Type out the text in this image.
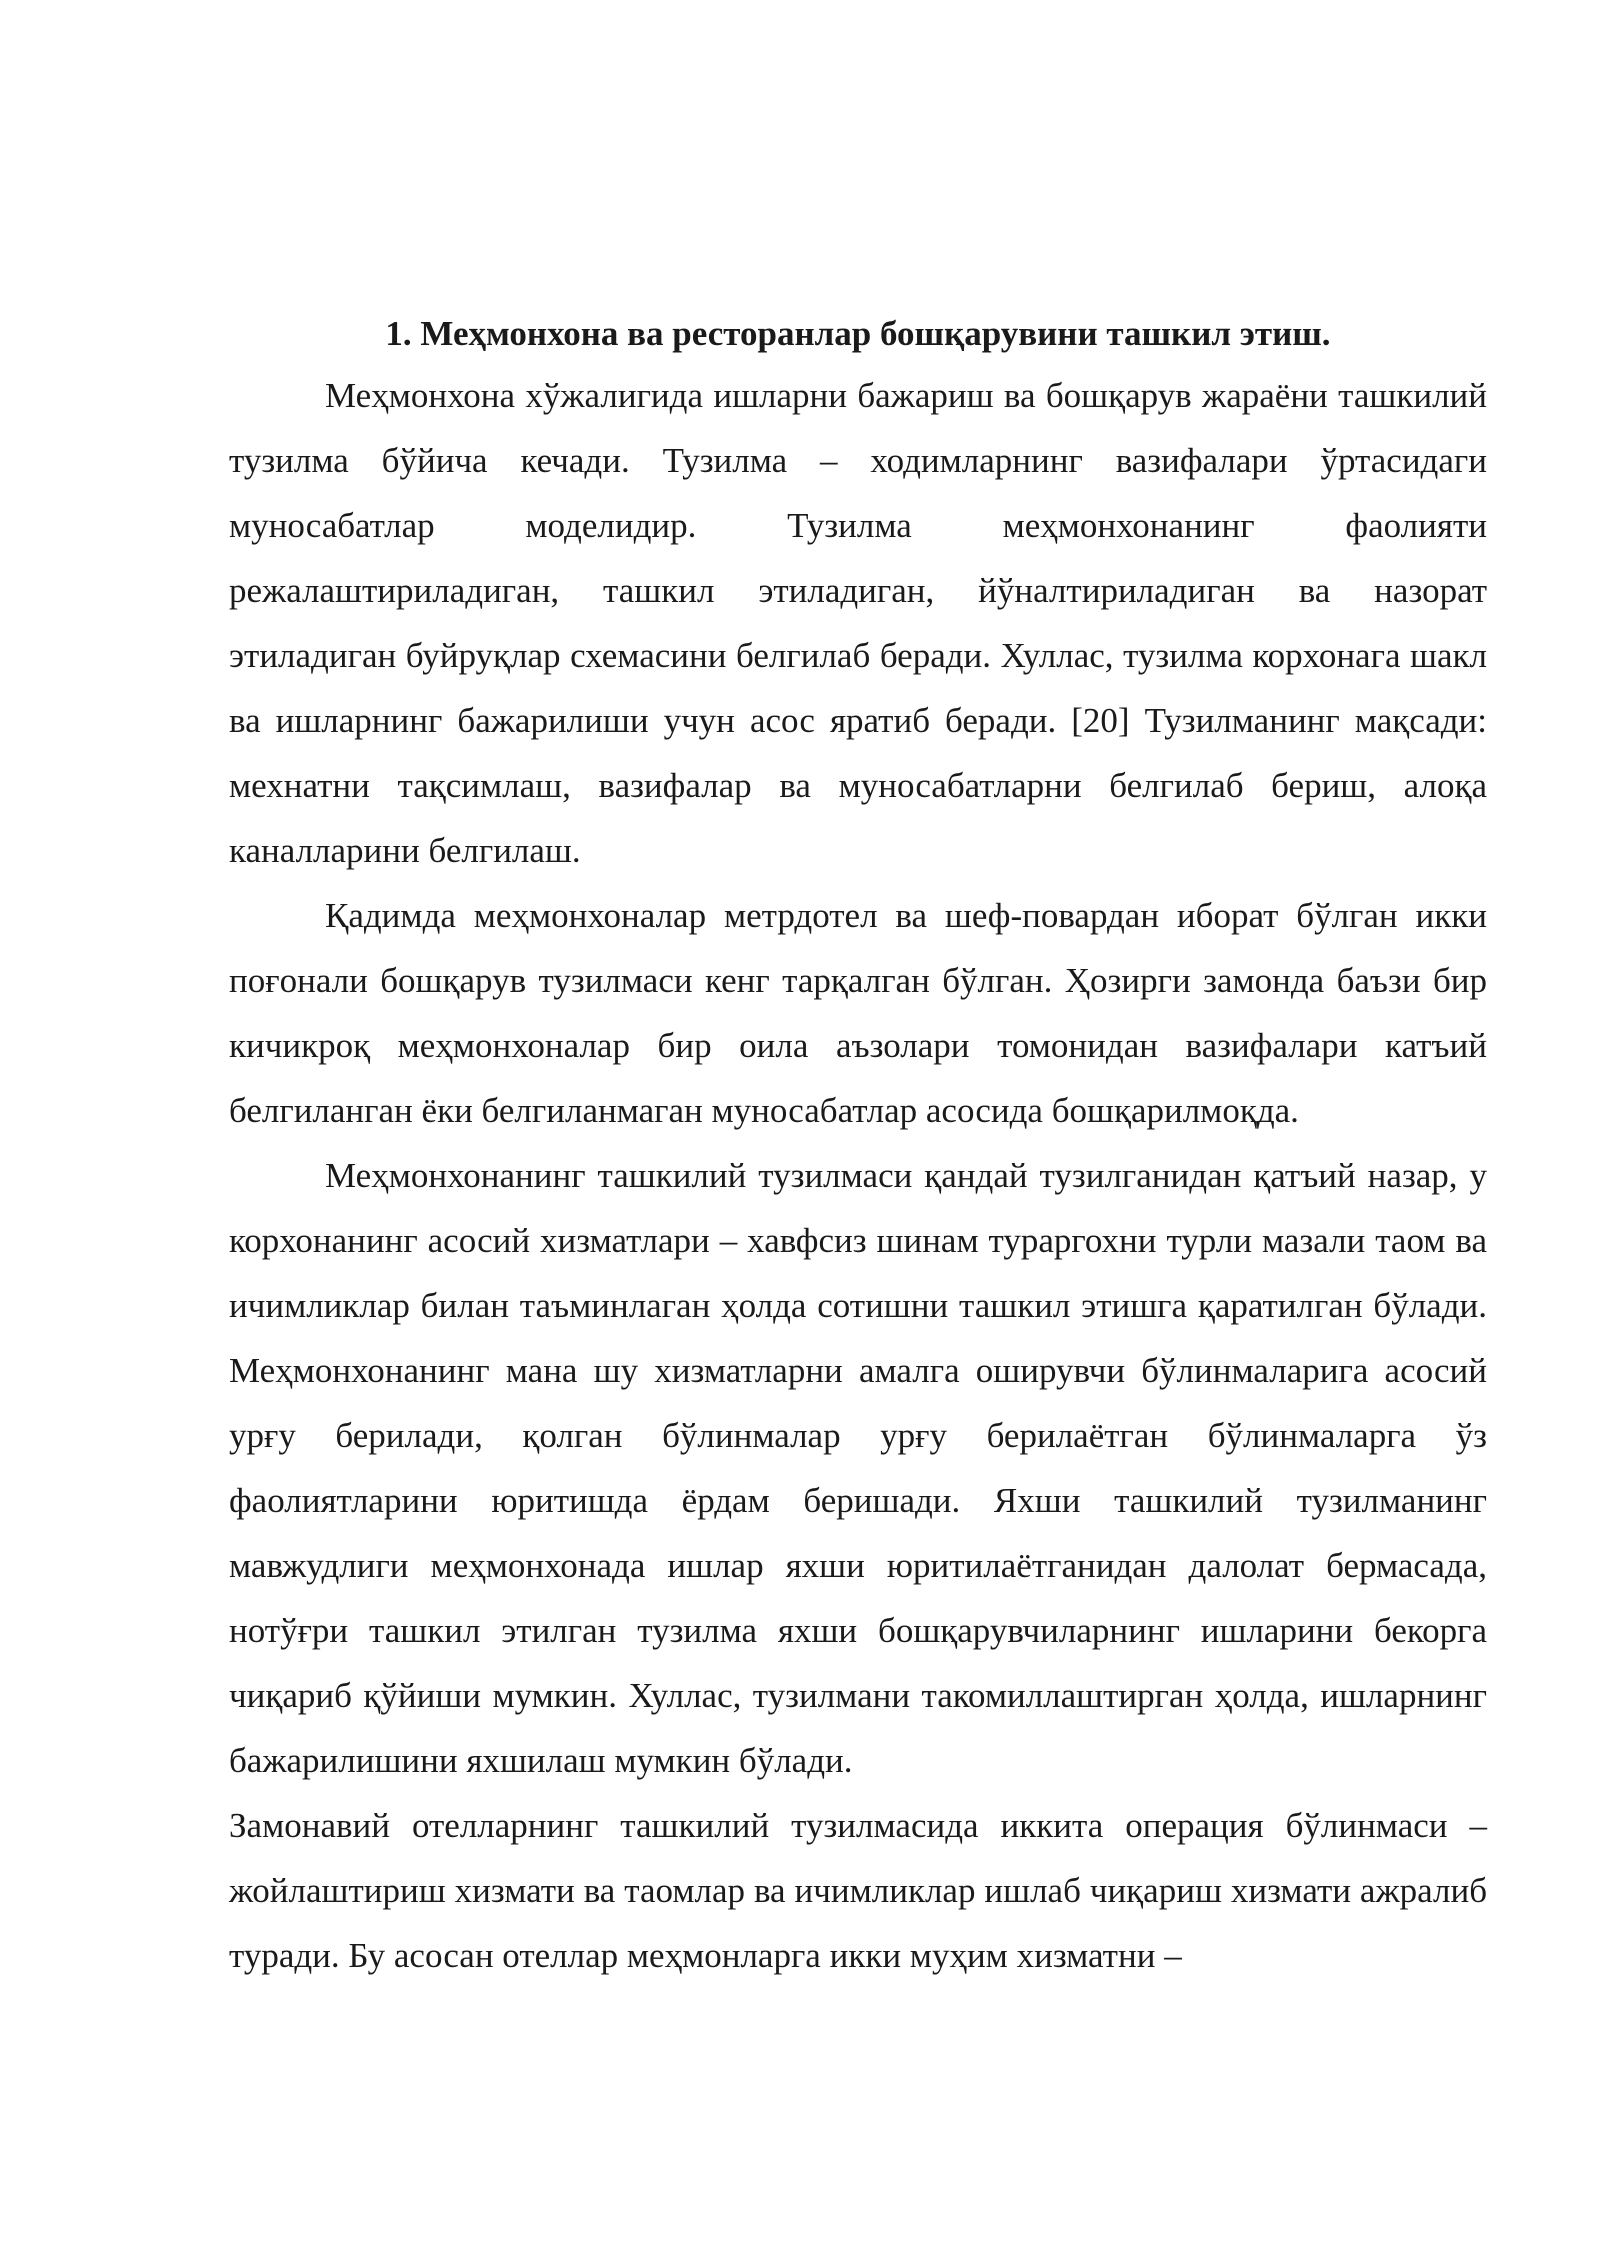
1. Меҳмонхона ва ресторанлар бошқарувини ташкил этиш.

Меҳмонхона хўжалигида ишларни бажариш ва бошқарув жараёни ташкилий тузилма бўйича кечади. Тузилма – ходимларнинг вазифалари ўртасидаги муносабатлар моделидир. Тузилма меҳмонхонанинг фаолияти режалаштириладиган, ташкил этиладиган, йўналтириладиган ва назорат этиладиган буйруқлар схемасини белгилаб беради. Хуллас, тузилма корхонага шакл ва ишларнинг бажарилиши учун асос яратиб беради. [20] Тузилманинг мақсади: мехнатни тақсимлаш, вазифалар ва муносабатларни белгилаб бериш, алоқа каналларини белгилаш.

Қадимда меҳмонхоналар метрдотел ва шеф-повардан иборат бўлган икки поғонали бошқарув тузилмаси кенг тарқалган бўлган. Ҳозирги замонда баъзи бир кичикроқ меҳмонхоналар бир оила аъзолари томонидан вазифалари катъий белгиланган ёки белгиланмаган муносабатлар асосида бошқарилмоқда.

Меҳмонхонанинг ташкилий тузилмаси қандай тузилганидан қатъий назар, у корхонанинг асосий хизматлари – хавфсиз шинам тураргохни турли мазали таом ва ичимликлар билан таъминлаган ҳолда сотишни ташкил этишга қаратилган бўлади. Меҳмонхонанинг мана шу хизматларни амалга оширувчи бўлинмаларига асосий урғу берилади, қолган бўлинмалар урғу берилаётган бўлинмаларга ўз фаолиятларини юритишда ёрдам беришади. Яхши ташкилий тузилманинг мавжудлиги меҳмонхонада ишлар яхши юритилаётганидан далолат бермасада, нотўғри ташкил этилган тузилма яхши бошқарувчиларнинг ишларини бекорга чиқариб қўйиши мумкин. Хуллас, тузилмани такомиллаштирган ҳолда, ишларнинг бажарилишини яхшилаш мумкин бўлади.

Замонавий отелларнинг ташкилий тузилмасида иккита операция бўлинмаси – жойлаштириш хизмати ва таомлар ва ичимликлар ишлаб чиқариш хизмати ажралиб туради. Бу асосан отеллар меҳмонларга икки муҳим хизматни –
